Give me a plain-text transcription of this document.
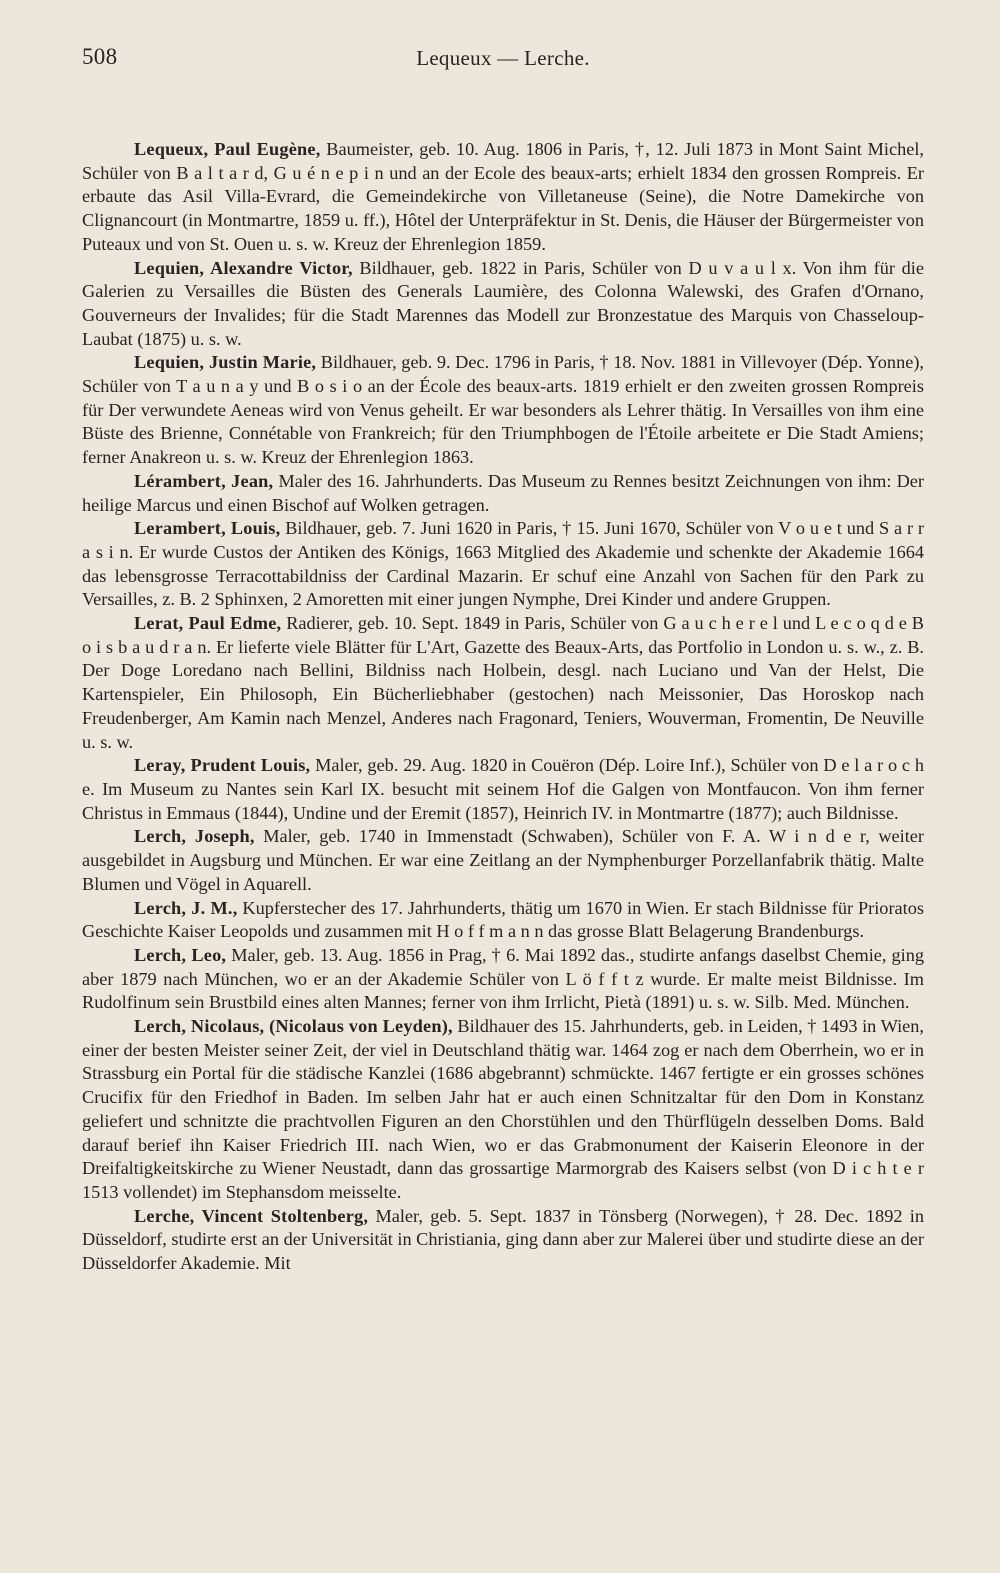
508	Lequeux — Lerche.

Lequeux, Paul Eugène, Baumeister, geb. 10. Aug. 1806 in Paris, †, 12. Juli 1873 in Mont Saint Michel, Schüler von B a l t a r d, G u é n e p i n und an der Ecole des beaux-arts; erhielt 1834 den grossen Rompreis. Er erbaute das Asil Villa-Evrard, die Gemeindekirche von Villetaneuse (Seine), die Notre Damekirche von Clignancourt (in Montmartre, 1859 u. ff.), Hôtel der Unterpräfektur in St. Denis, die Häuser der Bürgermeister von Puteaux und von St. Ouen u. s. w. Kreuz der Ehrenlegion 1859.

Lequien, Alexandre Victor, Bildhauer, geb. 1822 in Paris, Schüler von D u v a u l x. Von ihm für die Galerien zu Versailles die Büsten des Generals Laumière, des Colonna Walewski, des Grafen d'Ornano, Gouverneurs der Invalides; für die Stadt Marennes das Modell zur Bronzestatue des Marquis von Chasseloup-Laubat (1875) u. s. w.

Lequien, Justin Marie, Bildhauer, geb. 9. Dec. 1796 in Paris, † 18. Nov. 1881 in Villevoyer (Dép. Yonne), Schüler von T a u n a y und B o s i o an der École des beaux-arts. 1819 erhielt er den zweiten grossen Rompreis für Der verwundete Aeneas wird von Venus geheilt. Er war besonders als Lehrer thätig. In Versailles von ihm eine Büste des Brienne, Connétable von Frankreich; für den Triumphbogen de l'Étoile arbeitete er Die Stadt Amiens; ferner Anakreon u. s. w. Kreuz der Ehrenlegion 1863.

Lérambert, Jean, Maler des 16. Jahrhunderts. Das Museum zu Rennes besitzt Zeichnungen von ihm: Der heilige Marcus und einen Bischof auf Wolken getragen.

Lerambert, Louis, Bildhauer, geb. 7. Juni 1620 in Paris, † 15. Juni 1670, Schüler von V o u e t und S a r r a s i n. Er wurde Custos der Antiken des Königs, 1663 Mitglied des Akademie und schenkte der Akademie 1664 das lebensgrosse Terracottabildniss der Cardinal Mazarin. Er schuf eine Anzahl von Sachen für den Park zu Versailles, z. B. 2 Sphinxen, 2 Amoretten mit einer jungen Nymphe, Drei Kinder und andere Gruppen.

Lerat, Paul Edme, Radierer, geb. 10. Sept. 1849 in Paris, Schüler von G a u c h e r e l und L e c o q d e B o i s b a u d r a n. Er lieferte viele Blätter für L'Art, Gazette des Beaux-Arts, das Portfolio in London u. s. w., z. B. Der Doge Loredano nach Bellini, Bildniss nach Holbein, desgl. nach Luciano und Van der Helst, Die Kartenspieler, Ein Philosoph, Ein Bücherliebhaber (gestochen) nach Meissonier, Das Horoskop nach Freudenberger, Am Kamin nach Menzel, Anderes nach Fragonard, Teniers, Wouverman, Fromentin, De Neuville u. s. w.

Leray, Prudent Louis, Maler, geb. 29. Aug. 1820 in Couëron (Dép. Loire Inf.), Schüler von D e l a r o c h e. Im Museum zu Nantes sein Karl IX. besucht mit seinem Hof die Galgen von Montfaucon. Von ihm ferner Christus in Emmaus (1844), Undine und der Eremit (1857), Heinrich IV. in Montmartre (1877); auch Bildnisse.

Lerch, Joseph, Maler, geb. 1740 in Immenstadt (Schwaben), Schüler von F. A. W i n d e r, weiter ausgebildet in Augsburg und München. Er war eine Zeitlang an der Nymphenburger Porzellanfabrik thätig. Malte Blumen und Vögel in Aquarell.

Lerch, J. M., Kupferstecher des 17. Jahrhunderts, thätig um 1670 in Wien. Er stach Bildnisse für Prioratos Geschichte Kaiser Leopolds und zusammen mit H o f f m a n n das grosse Blatt Belagerung Brandenburgs.

Lerch, Leo, Maler, geb. 13. Aug. 1856 in Prag, † 6. Mai 1892 das., studirte anfangs daselbst Chemie, ging aber 1879 nach München, wo er an der Akademie Schüler von L ö f f t z wurde. Er malte meist Bildnisse. Im Rudolfinum sein Brustbild eines alten Mannes; ferner von ihm Irrlicht, Pietà (1891) u. s. w. Silb. Med. München.

Lerch, Nicolaus, (Nicolaus von Leyden), Bildhauer des 15. Jahrhunderts, geb. in Leiden, † 1493 in Wien, einer der besten Meister seiner Zeit, der viel in Deutschland thätig war. 1464 zog er nach dem Oberrhein, wo er in Strassburg ein Portal für die städische Kanzlei (1686 abgebrannt) schmückte. 1467 fertigte er ein grosses schönes Crucifix für den Friedhof in Baden. Im selben Jahr hat er auch einen Schnitzaltar für den Dom in Konstanz geliefert und schnitzte die prachtvollen Figuren an den Chorstühlen und den Thürflügeln desselben Doms. Bald darauf berief ihn Kaiser Friedrich III. nach Wien, wo er das Grabmonument der Kaiserin Eleonore in der Dreifaltigkeitskirche zu Wiener Neustadt, dann das grossartige Marmorgrab des Kaisers selbst (von D i c h t e r 1513 vollendet) im Stephansdom meisselte.

Lerche, Vincent Stoltenberg, Maler, geb. 5. Sept. 1837 in Tönsberg (Norwegen), † 28. Dec. 1892 in Düsseldorf, studirte erst an der Universität in Christiania, ging dann aber zur Malerei über und studirte diese an der Düsseldorfer Akademie. Mit
